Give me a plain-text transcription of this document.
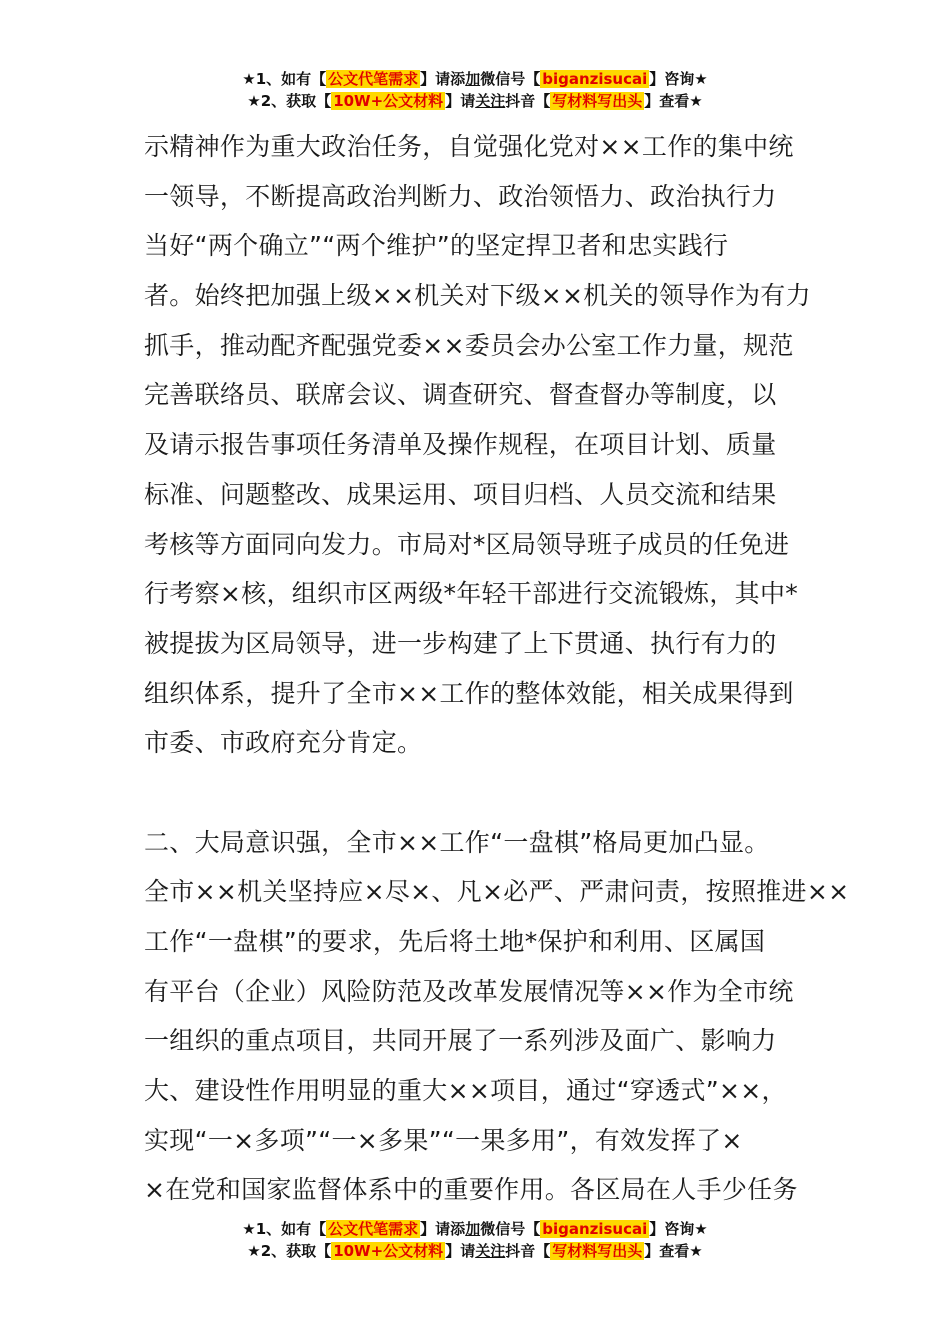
★1、如有【 公文代笔需求 】请添加微信号【 biganzisucai 】咨询★
★2、获取【 10W+公文材料 】请关注抖音【 写材料写出头 】查看★
示精神作为重大政治任务，自觉强化党对××工作的集中统
一领导，不断提高政治判断力、政治领悟力、政治执行力
当好“两个确立”“两个维护”的坚定捍卫者和忠实践行
者。始终把加强上级××机关对下级××机关的领导作为有力
抓手，推动配齐配强党委××委员会办公室工作力量，规范
完善联络员、联席会议、调查研究、督查督办等制度，以
及请示报告事项任务清单及操作规程，在项目计划、质量
标准、问题整改、成果运用、项目归档、人员交流和结果
考核等方面同向发力。市局对*区局领导班子成员的任免进
行考察×核，组织市区两级*年轻干部进行交流锻炼，其中*
被提拔为区局领导，进一步构建了上下贯通、执行有力的
组织体系，提升了全市××工作的整体效能，相关成果得到
市委、市政府充分肯定。
二、大局意识强，全市××工作“一盘棋”格局更加凸显。
全市××机关坚持应×尽×、凡×必严、严肃问责，按照推进××
工作“一盘棋”的要求，先后将土地*保护和利用、区属国
有平台（企业）风险防范及改革发展情况等××作为全市统
一组织的重点项目，共同开展了一系列涉及面广、影响力
大、建设性作用明显的重大××项目，通过“穿透式”××，
实现“一×多项”“一×多果”“一果多用”，有效发挥了×
×在党和国家监督体系中的重要作用。各区局在人手少任务
★1、如有【 公文代笔需求 】请添加微信号【 biganzisucai 】咨询★
★2、获取【 10W+公文材料 】请关注抖音【 写材料写出头 】查看★
